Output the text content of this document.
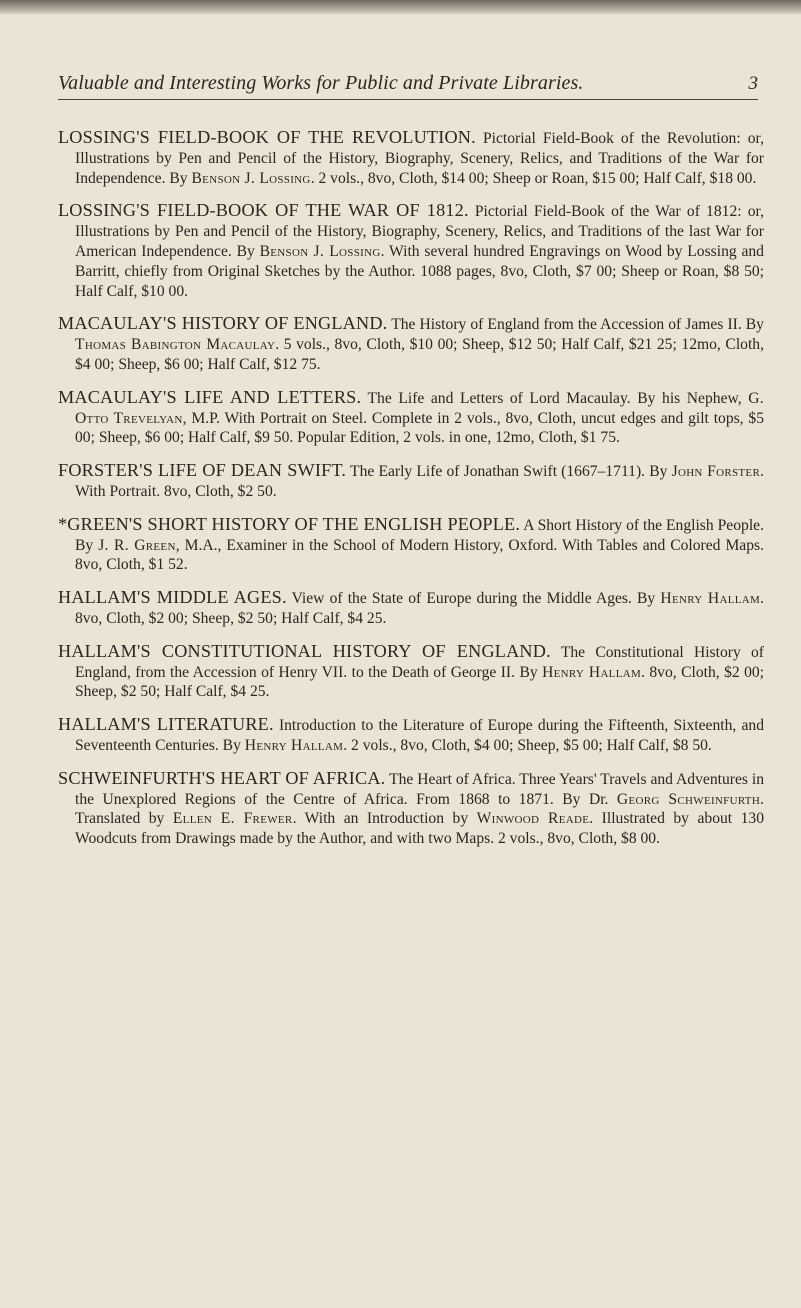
Valuable and Interesting Works for Public and Private Libraries.	3

LOSSING'S FIELD-BOOK OF THE REVOLUTION. Pictorial Field-Book of the Revolution: or, Illustrations by Pen and Pencil of the History, Biography, Scenery, Relics, and Traditions of the War for Independence. By Benson J. Lossing. 2 vols., 8vo, Cloth, $14 00; Sheep or Roan, $15 00; Half Calf, $18 00.

LOSSING'S FIELD-BOOK OF THE WAR OF 1812. Pictorial Field-Book of the War of 1812: or, Illustrations by Pen and Pencil of the History, Biography, Scenery, Relics, and Traditions of the last War for American Independence. By Benson J. Lossing. With several hundred Engravings on Wood by Lossing and Barritt, chiefly from Original Sketches by the Author. 1088 pages, 8vo, Cloth, $7 00; Sheep or Roan, $8 50; Half Calf, $10 00.

MACAULAY'S HISTORY OF ENGLAND. The History of England from the Accession of James II. By Thomas Babington Macaulay. 5 vols., 8vo, Cloth, $10 00; Sheep, $12 50; Half Calf, $21 25; 12mo, Cloth, $4 00; Sheep, $6 00; Half Calf, $12 75.

MACAULAY'S LIFE AND LETTERS. The Life and Letters of Lord Macaulay. By his Nephew, G. Otto Trevelyan, M.P. With Portrait on Steel. Complete in 2 vols., 8vo, Cloth, uncut edges and gilt tops, $5 00; Sheep, $6 00; Half Calf, $9 50. Popular Edition, 2 vols. in one, 12mo, Cloth, $1 75.

FORSTER'S LIFE OF DEAN SWIFT. The Early Life of Jonathan Swift (1667–1711). By John Forster. With Portrait. 8vo, Cloth, $2 50.

*GREEN'S SHORT HISTORY OF THE ENGLISH PEOPLE. A Short History of the English People. By J. R. Green, M.A., Examiner in the School of Modern History, Oxford. With Tables and Colored Maps. 8vo, Cloth, $1 52.

HALLAM'S MIDDLE AGES. View of the State of Europe during the Middle Ages. By Henry Hallam. 8vo, Cloth, $2 00; Sheep, $2 50; Half Calf, $4 25.

HALLAM'S CONSTITUTIONAL HISTORY OF ENGLAND. The Constitutional History of England, from the Accession of Henry VII. to the Death of George II. By Henry Hallam. 8vo, Cloth, $2 00; Sheep, $2 50; Half Calf, $4 25.

HALLAM'S LITERATURE. Introduction to the Literature of Europe during the Fifteenth, Sixteenth, and Seventeenth Centuries. By Henry Hallam. 2 vols., 8vo, Cloth, $4 00; Sheep, $5 00; Half Calf, $8 50.

SCHWEINFURTH'S HEART OF AFRICA. The Heart of Africa. Three Years' Travels and Adventures in the Unexplored Regions of the Centre of Africa. From 1868 to 1871. By Dr. Georg Schweinfurth. Translated by Ellen E. Frewer. With an Introduction by Winwood Reade. Illustrated by about 130 Woodcuts from Drawings made by the Author, and with two Maps. 2 vols., 8vo, Cloth, $8 00.
